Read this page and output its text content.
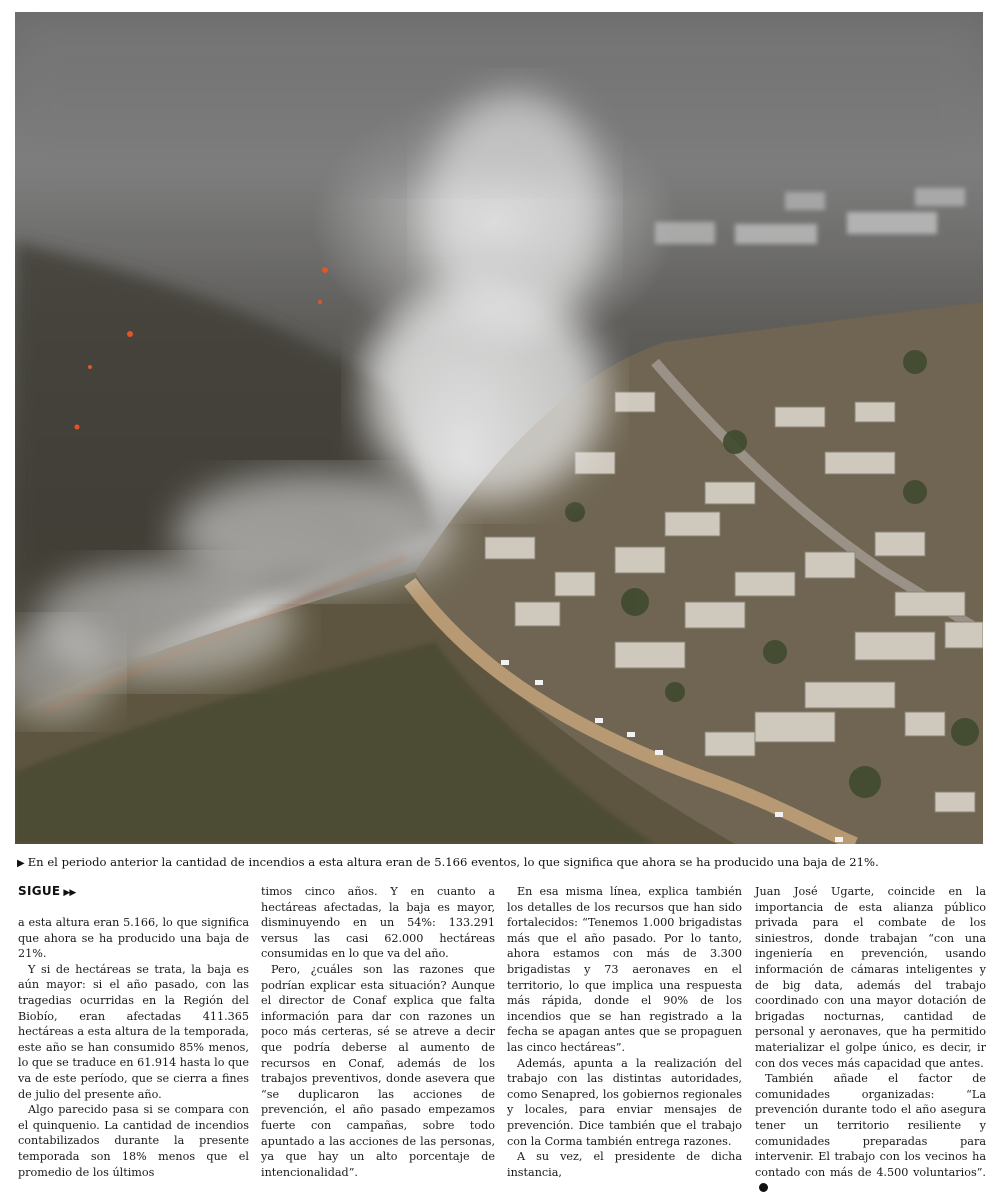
▶ En el periodo anterior la cantidad de incendios a esta altura eran de 5.166 eventos, lo que significa que ahora se ha producido una baja de 21%.
SIGUE ▶▶

a esta altura eran 5.166, lo que significa que ahora se ha producido una baja de 21%.

Y si de hectáreas se trata, la baja es aún mayor: si el año pasado, con las tragedias ocurridas en la Región del Biobío, eran afectadas 411.365 hectáreas a esta altura de la temporada, este año se han consumido 85% menos, lo que se traduce en 61.914 hasta lo que va de este período, que se cierra a fines de julio del presente año.

Algo parecido pasa si se compara con el quinquenio. La cantidad de incendios contabilizados durante la presente temporada son 18% menos que el promedio de los últimos

timos cinco años. Y en cuanto a hectáreas afectadas, la baja es mayor, disminuyendo en un 54%: 133.291 versus las casi 62.000 hectáreas consumidas en lo que va del año.

Pero, ¿cuáles son las razones que podrían explicar esta situación? Aunque el director de Conaf explica que falta información para dar con razones un poco más certeras, sé se atreve a decir que podría deberse al aumento de recursos en Conaf, además de los trabajos preventivos, donde asevera que “se duplicaron las acciones de prevención, el año pasado empezamos fuerte con campañas, sobre todo apuntado a las acciones de las personas, ya que hay un alto porcentaje de intencionalidad”.

En esa misma línea, explica también los detalles de los recursos que han sido fortalecidos: “Tenemos 1.000 brigadistas más que el año pasado. Por lo tanto, ahora estamos con más de 3.300 brigadistas y 73 aeronaves en el territorio, lo que implica una respuesta más rápida, donde el 90% de los incendios que se han registrado a la fecha se apagan antes que se propaguen las cinco hectáreas”.

Además, apunta a la realización del trabajo con las distintas autoridades, como Senapred, los gobiernos regionales y locales, para enviar mensajes de prevención. Dice también que el trabajo con la Corma también entrega razones.

A su vez, el presidente de dicha instancia,

Juan José Ugarte, coincide en la importancia de esta alianza público privada para el combate de los siniestros, donde trabajan “con una ingeniería en prevención, usando información de cámaras inteligentes y de big data, además del trabajo coordinado con una mayor dotación de brigadas nocturnas, cantidad de personal y aeronaves, que ha permitido materializar el golpe único, es decir, ir con dos veces más capacidad que antes.

También añade el factor de comunidades organizadas: “La prevención durante todo el año asegura tener un territorio resiliente y comunidades preparadas para intervenir. El trabajo con los vecinos ha contado con más de 4.500 voluntarios”.
